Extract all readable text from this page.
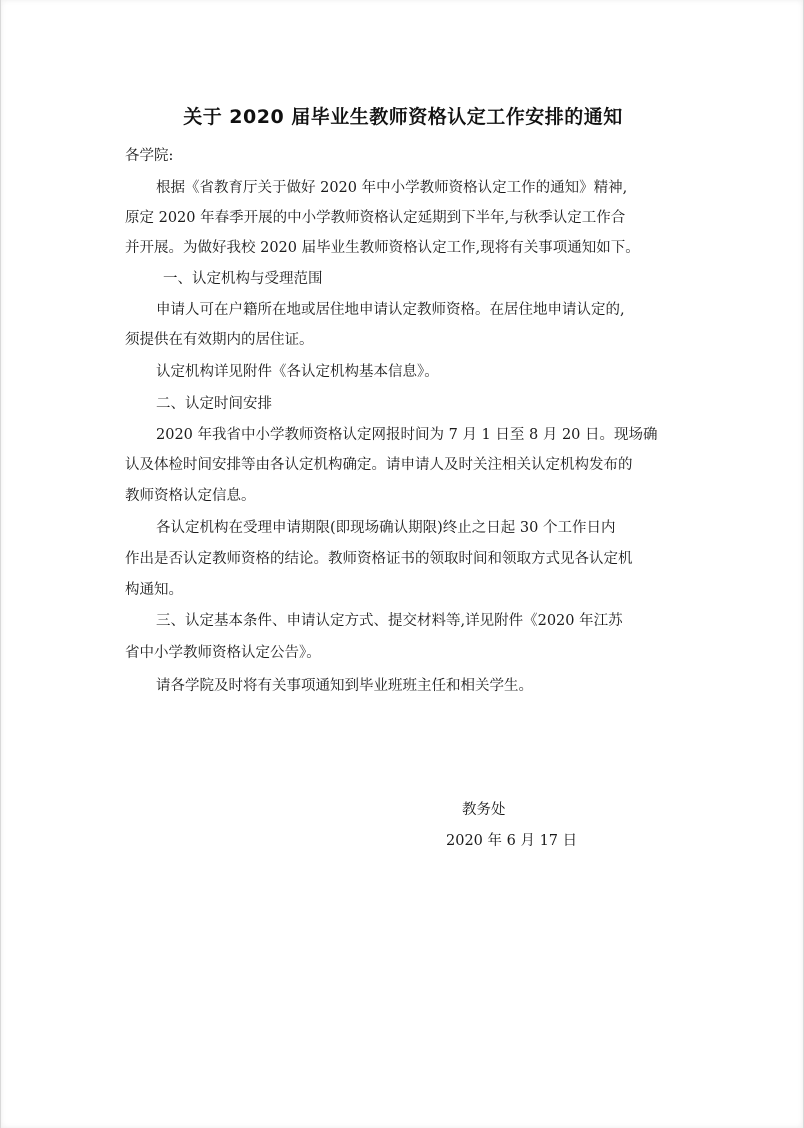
关于 2020 届毕业生教师资格认定工作安排的通知
各学院:
根据《省教育厅关于做好 2020 年中小学教师资格认定工作的通知》精神,
原定 2020 年春季开展的中小学教师资格认定延期到下半年,与秋季认定工作合
并开展。为做好我校 2020 届毕业生教师资格认定工作,现将有关事项通知如下。
一、认定机构与受理范围
申请人可在户籍所在地或居住地申请认定教师资格。在居住地申请认定的,
须提供在有效期内的居住证。
认定机构详见附件《各认定机构基本信息》。
二、认定时间安排
2020 年我省中小学教师资格认定网报时间为 7 月 1 日至 8 月 20 日。现场确
认及体检时间安排等由各认定机构确定。请申请人及时关注相关认定机构发布的
教师资格认定信息。
各认定机构在受理申请期限(即现场确认期限)终止之日起 30 个工作日内
作出是否认定教师资格的结论。教师资格证书的领取时间和领取方式见各认定机
构通知。
三、认定基本条件、申请认定方式、提交材料等,详见附件《2020 年江苏
省中小学教师资格认定公告》。
请各学院及时将有关事项通知到毕业班班主任和相关学生。
教务处
2020 年 6 月 17 日
